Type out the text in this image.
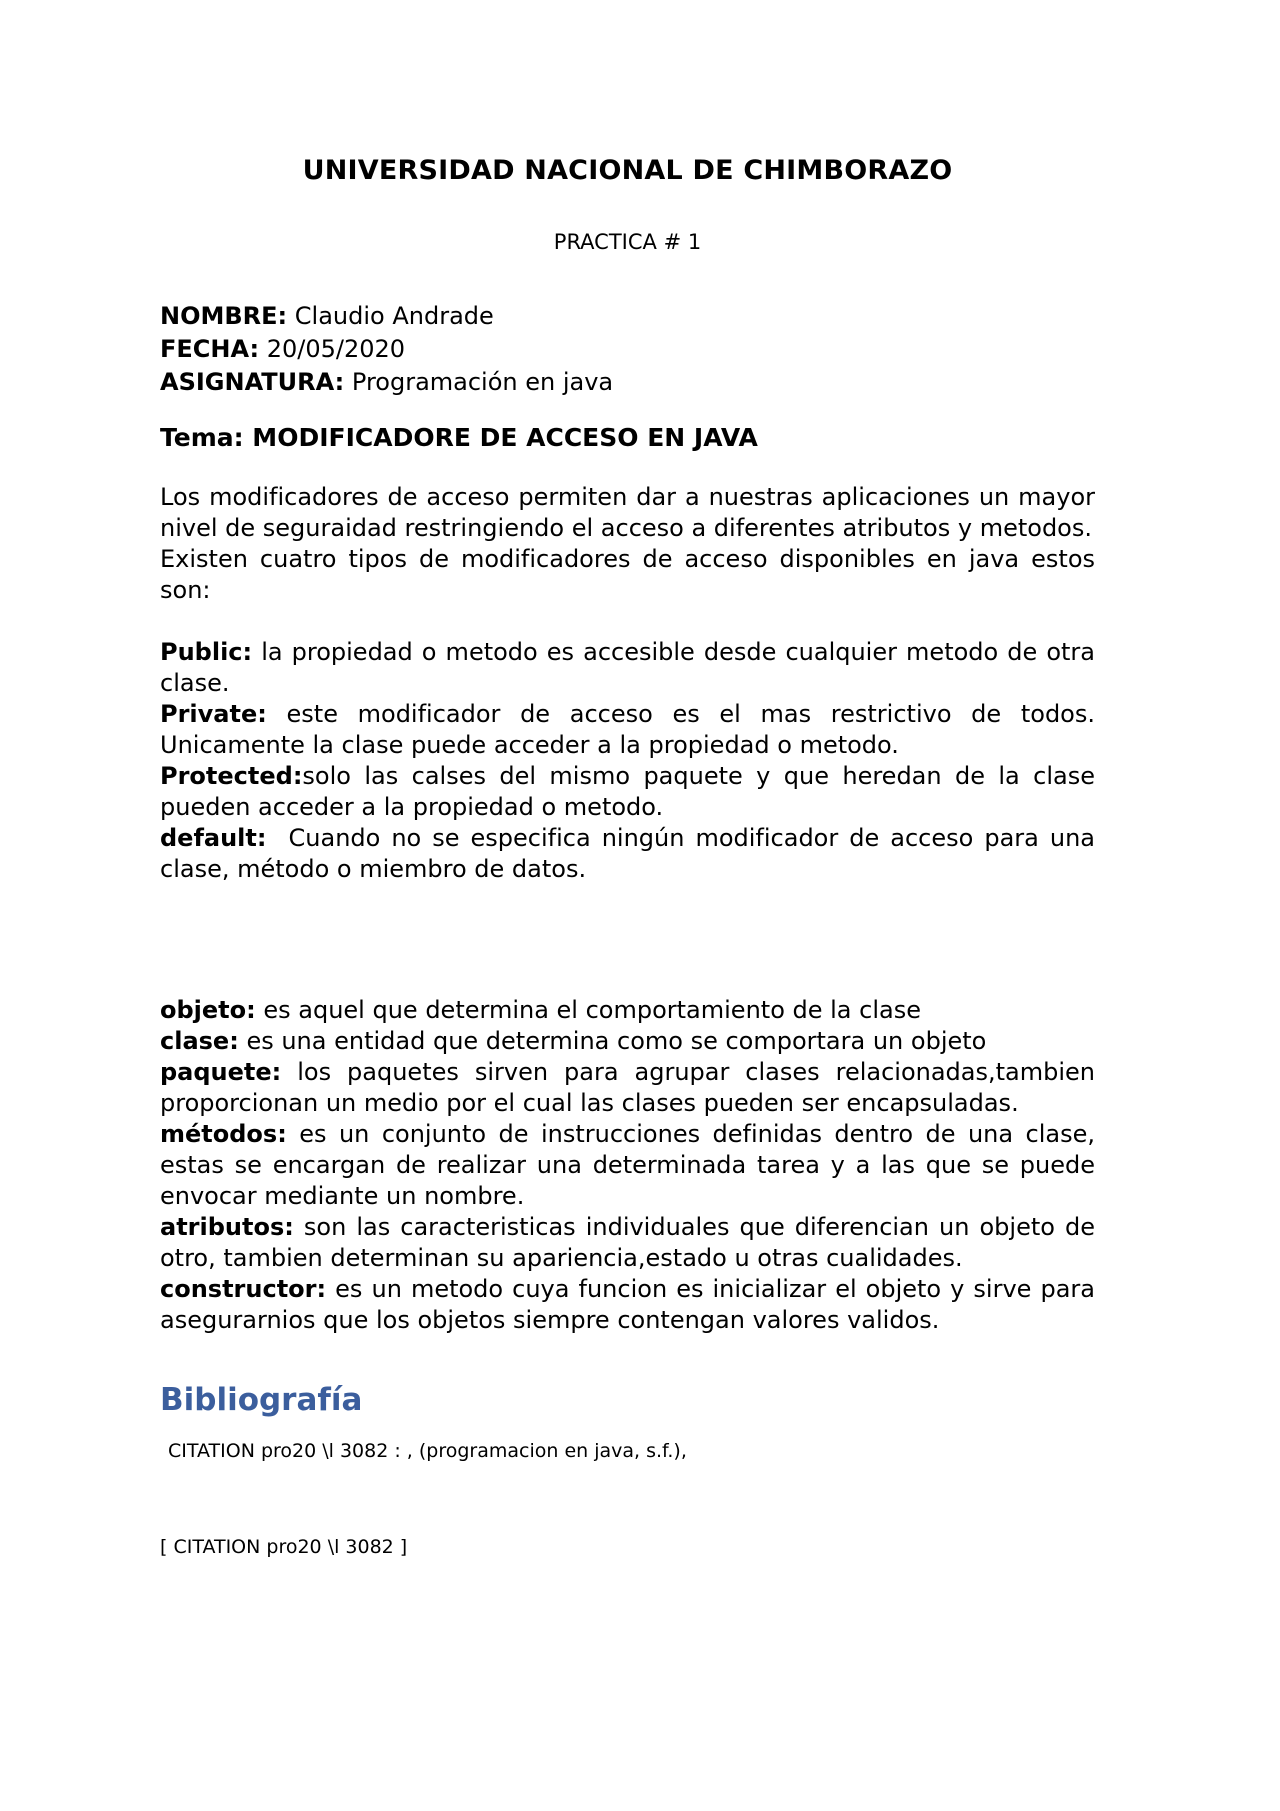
UNIVERSIDAD NACIONAL DE CHIMBORAZO

PRACTICA # 1

NOMBRE: Claudio Andrade

FECHA: 20/05/2020

ASIGNATURA: Programación en java

Tema: MODIFICADORE DE ACCESO EN JAVA

Los modificadores de acceso permiten dar a nuestras aplicaciones un mayor nivel de seguraidad restringiendo el acceso a diferentes atributos y metodos.

Existen cuatro tipos de modificadores de acceso disponibles en java estos son:

Public: la propiedad o metodo es accesible desde cualquier metodo de otra clase.

Private: este modificador de acceso es el mas restrictivo de todos. Unicamente la clase puede acceder a la propiedad o metodo.

Protected:solo las calses del mismo paquete y que heredan de la clase pueden acceder a la propiedad o metodo.

default:  Cuando no se especifica ningún modificador de acceso para una clase, método o miembro de datos.

objeto: es aquel que determina el comportamiento de la clase

clase: es una entidad que determina como se comportara un objeto

paquete: los paquetes sirven para agrupar clases relacionadas,tambien proporcionan un medio por el cual las clases pueden ser encapsuladas.

métodos: es un conjunto de instrucciones definidas dentro de una clase, estas se encargan de realizar una determinada tarea y a las que se puede envocar mediante un nombre.

atributos: son las caracteristicas individuales que diferencian un objeto de otro, tambien determinan su apariencia,estado u otras cualidades.

constructor: es un metodo cuya funcion es inicializar el objeto y sirve para asegurarnios que los objetos siempre contengan valores validos.

Bibliografía

CITATION pro20 \l 3082 : , (programacion en java, s.f.),

[ CITATION pro20 \l 3082 ]
